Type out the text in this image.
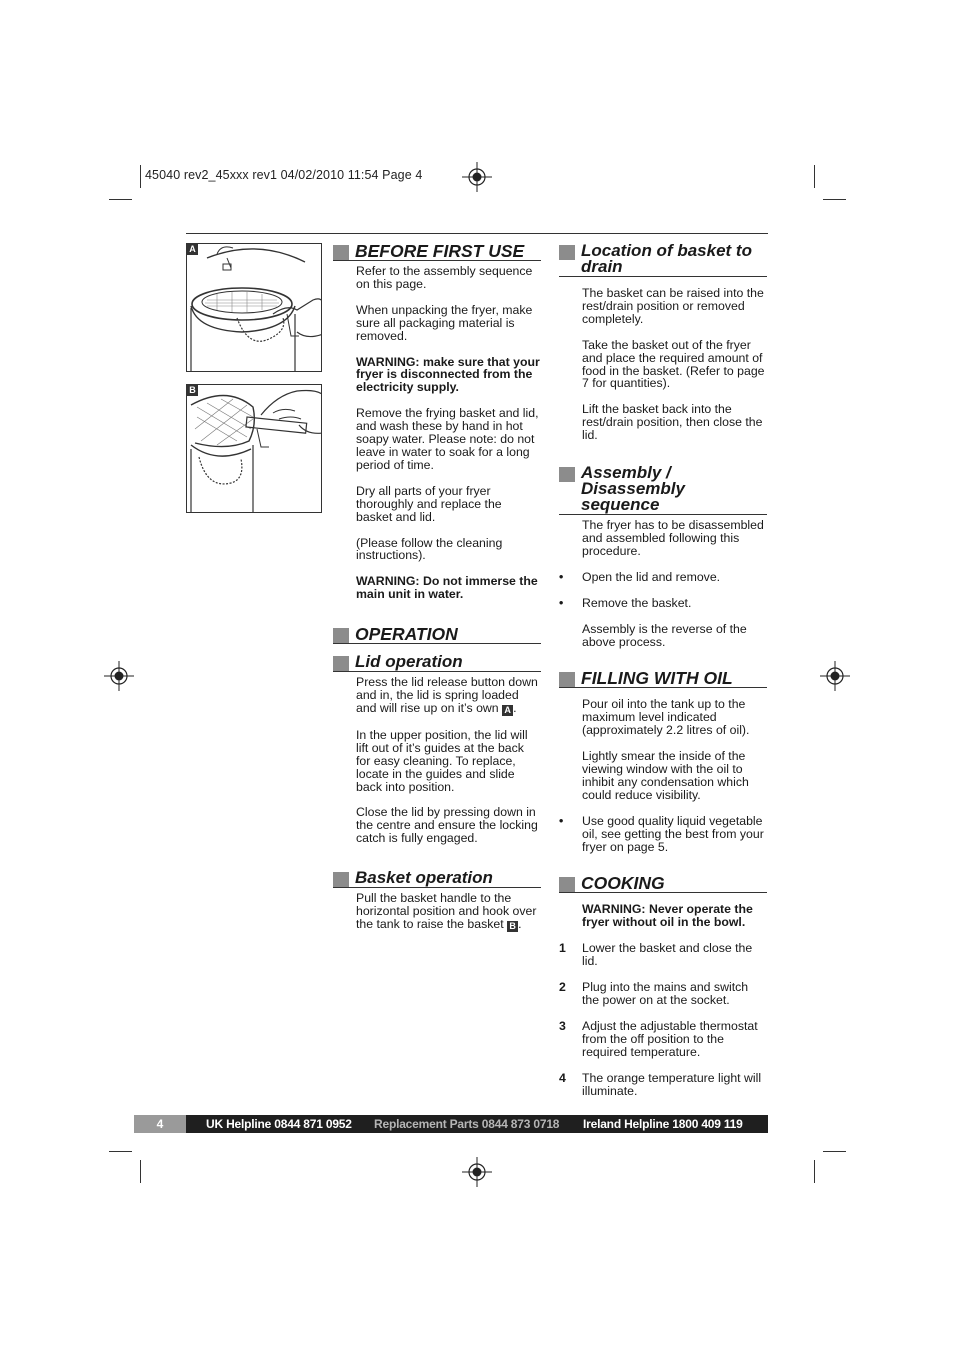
45040 rev2_45xxx rev1 04/02/2010 11:54 Page 4
A
B
BEFORE FIRST USE
Refer to the assembly sequence on this page.
When unpacking the fryer, make sure all packaging material is removed.
WARNING: make sure that your fryer is disconnected from the electricity supply.
Remove the frying basket and lid, and wash these by hand in hot soapy water. Please note: do not leave in water to soak for a long period of time.
Dry all parts of your fryer thoroughly and replace the basket and lid.
(Please follow the cleaning instructions).
WARNING: Do not immerse the main unit in water.
OPERATION
Lid operation
Press the lid release button down and in, the lid is spring loaded and will rise up on it’s own A .
In the upper position, the lid will lift out of it’s guides at the back for easy cleaning. To replace, locate in the guides and slide back into position.
Close the lid by pressing down in the centre and ensure the locking catch is fully engaged.
Basket operation
Pull the basket handle to the horizontal position and hook over the tank to raise the basket B .
Location of basket to drain
The basket can be raised into the rest/drain position or removed completely.
Take the basket out of the fryer and place the required amount of food in the basket. (Refer to page 7 for quantities).
Lift the basket back into the rest/drain position, then close the lid.
Assembly / Disassembly sequence
The fryer has to be disassembled and assembled following this procedure.
• Open the lid and remove.
• Remove the basket.
Assembly is the reverse of the above process.
FILLING WITH OIL
Pour oil into the tank up to the maximum level indicated (approximately 2.2 litres of oil).
Lightly smear the inside of the viewing window with the oil to inhibit any condensation which could reduce visibility.
• Use good quality liquid vegetable oil, see getting the best from your fryer on page 5.
COOKING
WARNING: Never operate the fryer without oil in the bowl.
1 Lower the basket and close the lid.
2 Plug into the mains and switch the power on at the socket.
3 Adjust the adjustable thermostat from the off position to the required temperature.
4 The orange temperature light will illuminate.
4	UK Helpline 0844 871 0952 Replacement Parts 0844 873 0718 Ireland Helpline 1800 409 119
